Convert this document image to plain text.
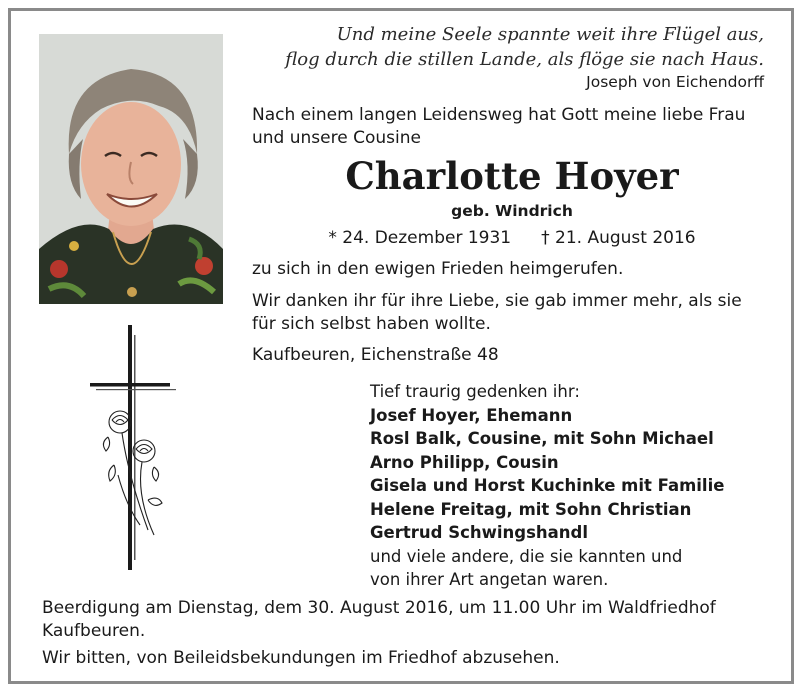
Und meine Seele spannte weit ihre Flügel aus,
flog durch die stillen Lande, als flöge sie nach Haus.
Joseph von Eichendorff
Nach einem langen Leidensweg hat Gott meine liebe Frau
und unsere Cousine
Charlotte Hoyer
geb. Windrich
* 24. Dezember 1931 † 21. August 2016
zu sich in den ewigen Frieden heimgerufen.
Wir danken ihr für ihre Liebe, sie gab immer mehr, als sie
für sich selbst haben wollte.
Kaufbeuren, Eichenstraße 48
Tief traurig gedenken ihr:
Josef Hoyer, Ehemann
Rosl Balk, Cousine, mit Sohn Michael
Arno Philipp, Cousin
Gisela und Horst Kuchinke mit Familie
Helene Freitag, mit Sohn Christian
Gertrud Schwingshandl
und viele andere, die sie kannten und
von ihrer Art angetan waren.
Beerdigung am Dienstag, dem 30. August 2016, um 11.00 Uhr im Waldfriedhof
Kaufbeuren.
Wir bitten, von Beileidsbekundungen im Friedhof abzusehen.
